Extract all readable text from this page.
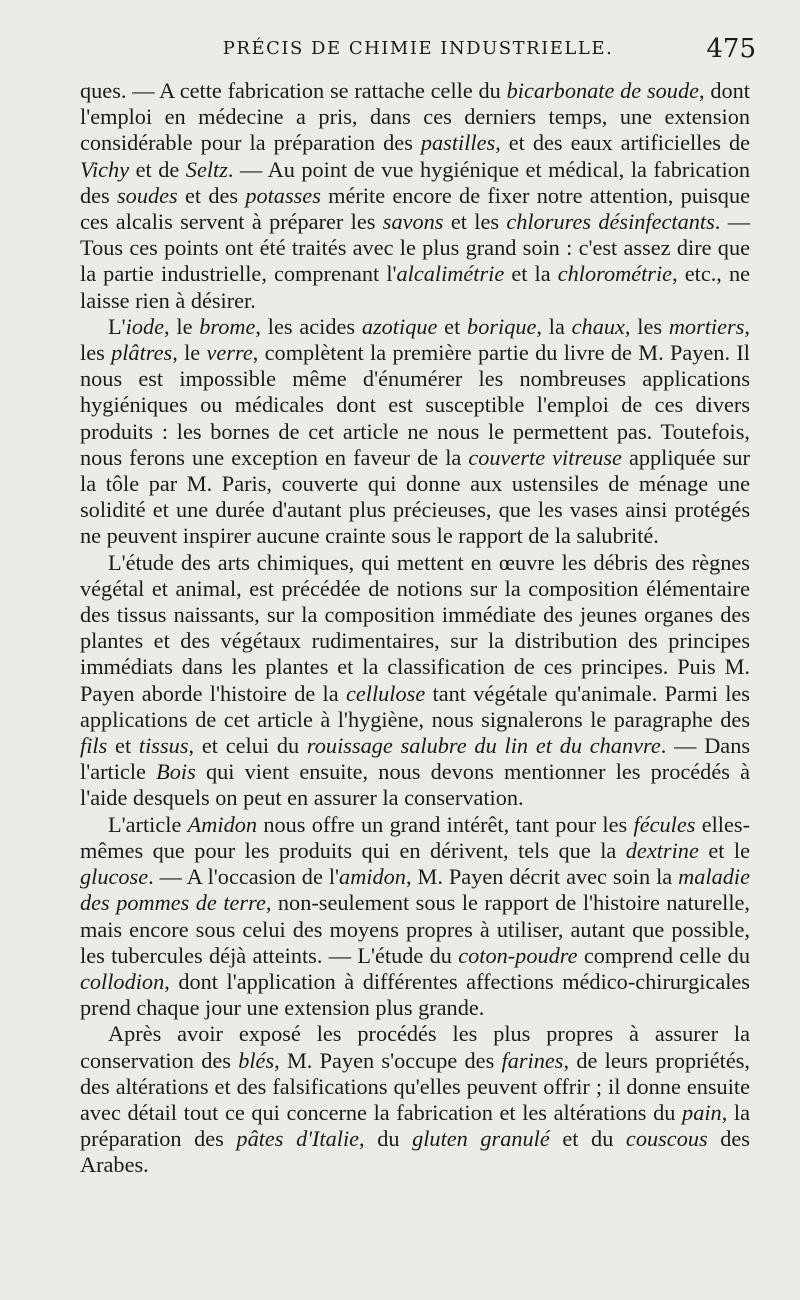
PRÉCIS DE CHIMIE INDUSTRIELLE.	475

ques. — A cette fabrication se rattache celle du bicarbonate de soude, dont l'emploi en médecine a pris, dans ces derniers temps, une extension considérable pour la préparation des pastilles, et des eaux artificielles de Vichy et de Seltz. — Au point de vue hygiénique et médical, la fabrication des soudes et des potasses mérite encore de fixer notre attention, puisque ces alcalis servent à préparer les savons et les chlorures désinfectants. — Tous ces points ont été traités avec le plus grand soin : c'est assez dire que la partie industrielle, comprenant l'alcalimétrie et la chlorométrie, etc., ne laisse rien à désirer.

L'iode, le brome, les acides azotique et borique, la chaux, les mortiers, les plâtres, le verre, complètent la première partie du livre de M. Payen. Il nous est impossible même d'énumérer les nombreuses applications hygiéniques ou médicales dont est susceptible l'emploi de ces divers produits : les bornes de cet article ne nous le permettent pas. Toutefois, nous ferons une exception en faveur de la couverte vitreuse appliquée sur la tôle par M. Paris, couverte qui donne aux ustensiles de ménage une solidité et une durée d'autant plus précieuses, que les vases ainsi protégés ne peuvent inspirer aucune crainte sous le rapport de la salubrité.

L'étude des arts chimiques, qui mettent en œuvre les débris des règnes végétal et animal, est précédée de notions sur la composition élémentaire des tissus naissants, sur la composition immédiate des jeunes organes des plantes et des végétaux rudimentaires, sur la distribution des principes immédiats dans les plantes et la classification de ces principes. Puis M. Payen aborde l'histoire de la cellulose tant végétale qu'animale. Parmi les applications de cet article à l'hygiène, nous signalerons le paragraphe des fils et tissus, et celui du rouissage salubre du lin et du chanvre. — Dans l'article Bois qui vient ensuite, nous devons mentionner les procédés à l'aide desquels on peut en assurer la conservation.

L'article Amidon nous offre un grand intérêt, tant pour les fécules elles-mêmes que pour les produits qui en dérivent, tels que la dextrine et le glucose. — A l'occasion de l'amidon, M. Payen décrit avec soin la maladie des pommes de terre, non-seulement sous le rapport de l'histoire naturelle, mais encore sous celui des moyens propres à utiliser, autant que possible, les tubercules déjà atteints. — L'étude du coton-poudre comprend celle du collodion, dont l'application à différentes affections médico-chirurgicales prend chaque jour une extension plus grande.

Après avoir exposé les procédés les plus propres à assurer la conservation des blés, M. Payen s'occupe des farines, de leurs propriétés, des altérations et des falsifications qu'elles peuvent offrir ; il donne ensuite avec détail tout ce qui concerne la fabrication et les altérations du pain, la préparation des pâtes d'Italie, du gluten granulé et du couscous des Arabes.
